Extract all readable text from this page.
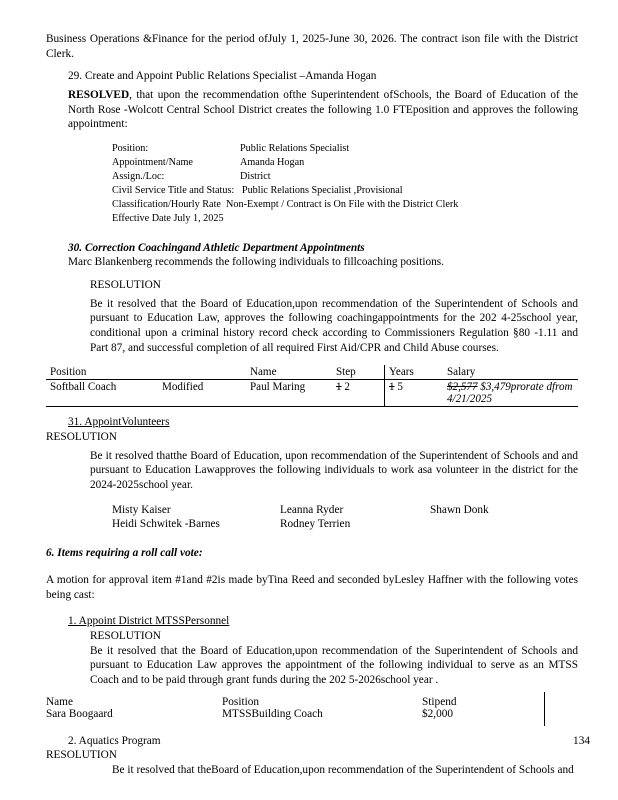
Business Operations &Finance for the period ofJuly 1, 2025-June 30, 2026. The contract ison file with the District Clerk.

29. Create and Appoint Public Relations Specialist –Amanda Hogan

RESOLVED, that upon the recommendation ofthe Superintendent ofSchools, the Board of Education of the North Rose -Wolcott Central School District creates the following 1.0 FTEposition and approves the following appointment:

Position:	Public Relations Specialist
Appointment/Name	Amanda Hogan
Assign./Loc:	District
Civil Service Title and Status: Public Relations Specialist ,Provisional
Classification/Hourly Rate Non-Exempt / Contract is On File with the District Clerk
Effective Date July 1, 2025

30. Correction Coachingand Athletic Department Appointments

Marc Blankenberg recommends the following individuals to fillcoaching positions.

RESOLUTION

Be it resolved that the Board of Education,upon recommendation of the Superintendent of Schools and pursuant to Education Law, approves the following coachingappointments for the 202 4-25school year, conditional upon a criminal history record check according to Commissioners Regulation §80 -1.11 and Part 87, and successful completion of all required First Aid/CPR and Child Abuse courses.

Position		Name	Step	Years	Salary
Softball Coach	Modified	Paul Maring	1 2	1 5	$2,577 $3,479prorate dfrom 4/21/2025

31. AppointVolunteers

RESOLUTION

Be it resolved thatthe Board of Education, upon recommendation of the Superintendent of Schools and and pursuant to Education Lawapproves the following individuals to work asa volunteer in the district for the 2024-2025school year.

Misty Kaiser	Leanna Ryder	Shawn Donk
Heidi Schwitek -Barnes	Rodney Terrien

6. Items requiring a roll call vote:

A motion for approval item #1and #2is made byTina Reed and seconded byLesley Haffner with the following votes being cast:

1. Appoint District MTSSPersonnel

RESOLUTION

Be it resolved that the Board of Education,upon recommendation of the Superintendent of Schools and pursuant to Education Law approves the appointment of the following individual to serve as an MTSS Coach and to be paid through grant funds during the 202 5-2026school year .

Name	Position	Stipend
Sara Boogaard	MTSSBuilding Coach	$2,000

2. Aquatics Program

RESOLUTION

Be it resolved that theBoard of Education,upon recommendation of the Superintendent of Schools and

134
